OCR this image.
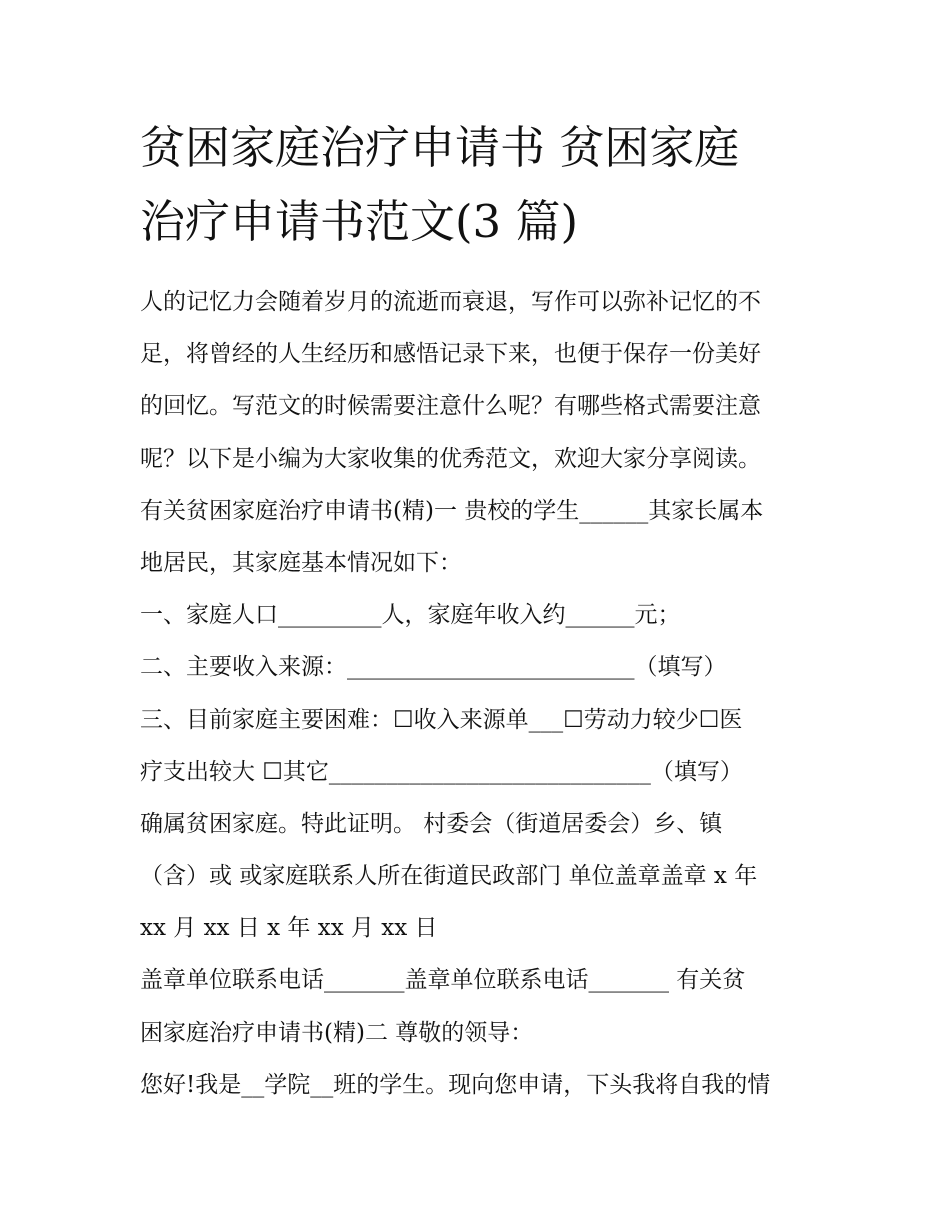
贫困家庭治疗申请书 贫困家庭
治疗申请书范文(3 篇)
人的记忆力会随着岁月的流逝而衰退，写作可以弥补记忆的不
足，将曾经的人生经历和感悟记录下来，也便于保存一份美好
的回忆。写范文的时候需要注意什么呢？有哪些格式需要注意
呢？以下是小编为大家收集的优秀范文，欢迎大家分享阅读。
有关贫困家庭治疗申请书(精)一 贵校的学生______其家长属本
地居民，其家庭基本情况如下：
一、家庭人口_________人，家庭年收入约______元；
二、主要收入来源：_________________________（填写）
三、目前家庭主要困难：☐收入来源单___☐劳动力较少☐医
疗支出较大 ☐其它____________________________（填写）
确属贫困家庭。特此证明。 村委会（街道居委会）乡、镇
（含）或 或家庭联系人所在街道民政部门 单位盖章盖章 x 年
xx 月 xx 日 x 年 xx 月 xx 日
盖章单位联系电话_______盖章单位联系电话_______ 有关贫
困家庭治疗申请书(精)二 尊敬的领导：
您好!我是__学院__班的学生。现向您申请，下头我将自我的情
